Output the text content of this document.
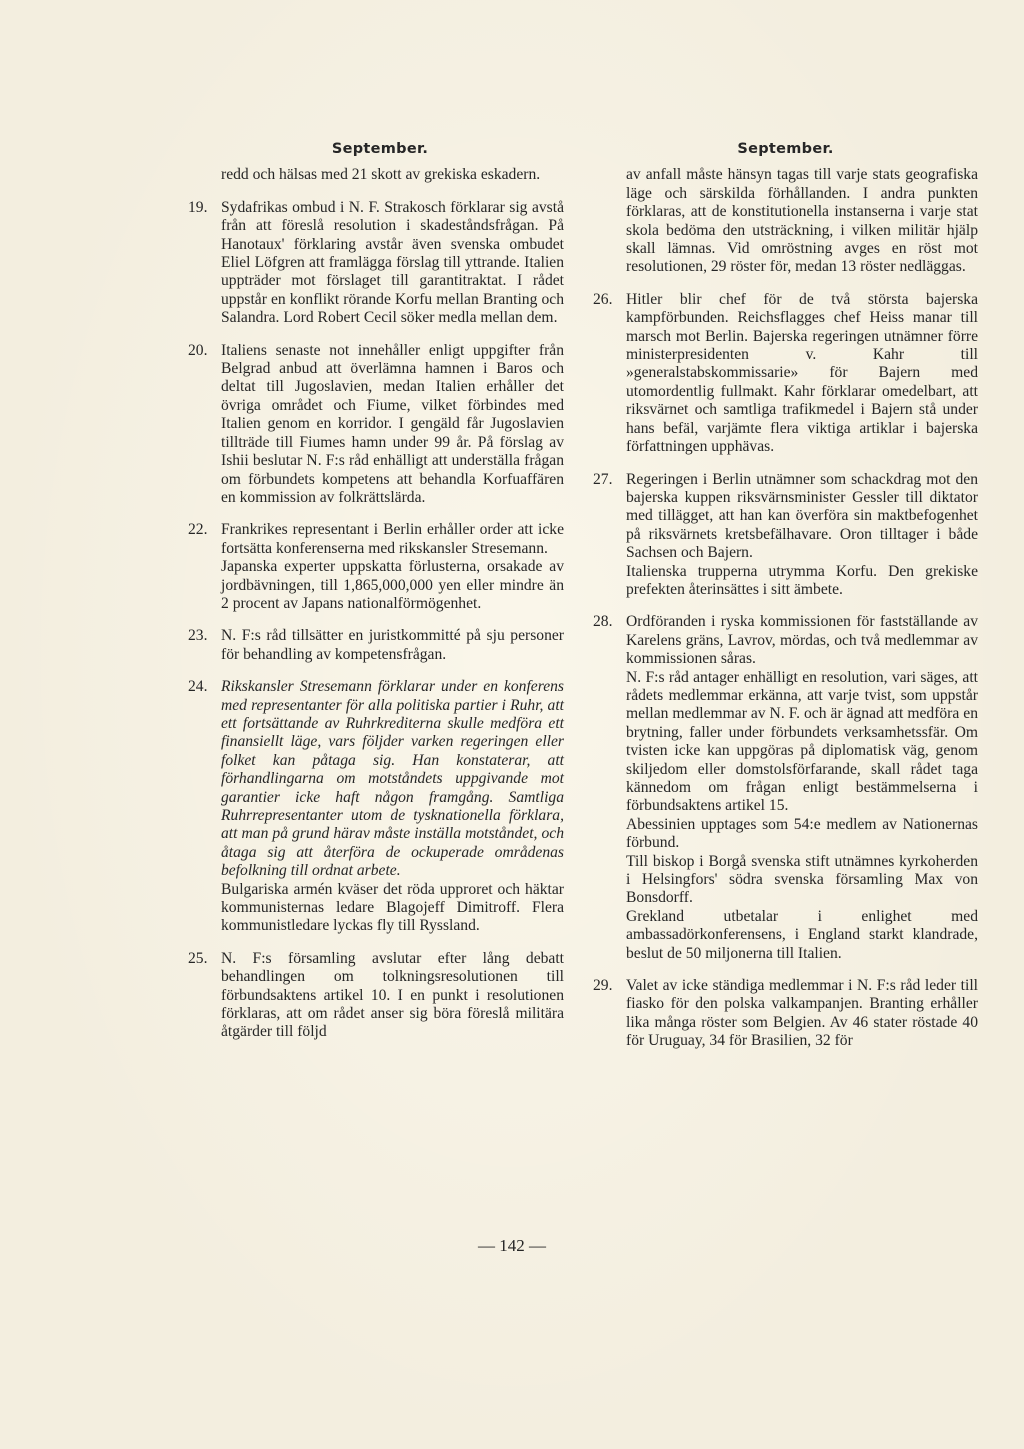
September.

redd och hälsas med 21 skott av grekiska eskadern.

19. Sydafrikas ombud i N. F. Strakosch förklarar sig avstå från att föreslå resolution i skadeståndsfrågan. På Hanotaux' förklaring avstår även svenska ombudet Eliel Löfgren att framlägga förslag till yttrande. Italien uppträder mot förslaget till garantitraktat. I rådet uppstår en konflikt rörande Korfu mellan Branting och Salandra. Lord Robert Cecil söker medla mellan dem.

20. Italiens senaste not innehåller enligt uppgifter från Belgrad anbud att överlämna hamnen i Baros och deltat till Jugoslavien, medan Italien erhåller det övriga området och Fiume, vilket förbindes med Italien genom en korridor. I gengäld får Jugoslavien tillträde till Fiumes hamn under 99 år. På förslag av Ishii beslutar N. F:s råd enhälligt att underställa frågan om förbundets kompetens att behandla Korfuaffären en kommission av folkrättslärda.

22. Frankrikes representant i Berlin erhåller order att icke fortsätta konferenserna med rikskansler Stresemann.

Japanska experter uppskatta förlusterna, orsakade av jordbävningen, till 1,865,000,000 yen eller mindre än 2 procent av Japans nationalförmögenhet.

23. N. F:s råd tillsätter en juristkommitté på sju personer för behandling av kompetensfrågan.

24. Rikskansler Stresemann förklarar under en konferens med representanter för alla politiska partier i Ruhr, att ett fortsättande av Ruhrkrediterna skulle medföra ett finansiellt läge, vars följder varken regeringen eller folket kan påtaga sig. Han konstaterar, att förhandlingarna om motståndets uppgivande mot garantier icke haft någon framgång. Samtliga Ruhrrepresentanter utom de tysknationella förklara, att man på grund härav måste inställa motståndet, och åtaga sig att återföra de ockuperade områdenas befolkning till ordnat arbete.

Bulgariska armén kväser det röda upproret och häktar kommunisternas ledare Blagojeff Dimitroff. Flera kommunistledare lyckas fly till Ryssland.

25. N. F:s församling avslutar efter lång debatt behandlingen om tolkningsresolutionen till förbundsaktens artikel 10. I en punkt i resolutionen förklaras, att om rådet anser sig böra föreslå militära åtgärder till följd

September.

av anfall måste hänsyn tagas till varje stats geografiska läge och särskilda förhållanden. I andra punkten förklaras, att de konstitutionella instanserna i varje stat skola bedöma den utsträckning, i vilken militär hjälp skall lämnas. Vid omröstning avges en röst mot resolutionen, 29 röster för, medan 13 röster nedläggas.

26. Hitler blir chef för de två största bajerska kampförbunden. Reichsflagges chef Heiss manar till marsch mot Berlin. Bajerska regeringen utnämner förre ministerpresidenten v. Kahr till »generalstabskommissarie» för Bajern med utomordentlig fullmakt. Kahr förklarar omedelbart, att riksvärnet och samtliga trafikmedel i Bajern stå under hans befäl, varjämte flera viktiga artiklar i bajerska författningen upphävas.

27. Regeringen i Berlin utnämner som schackdrag mot den bajerska kuppen riksvärnsminister Gessler till diktator med tillägget, att han kan överföra sin maktbefogenhet på riksvärnets kretsbefälhavare. Oron tilltager i både Sachsen och Bajern.

Italienska trupperna utrymma Korfu. Den grekiske prefekten återinsättes i sitt ämbete.

28. Ordföranden i ryska kommissionen för fastställande av Karelens gräns, Lavrov, mördas, och två medlemmar av kommissionen såras.

N. F:s råd antager enhälligt en resolution, vari säges, att rådets medlemmar erkänna, att varje tvist, som uppstår mellan medlemmar av N. F. och är ägnad att medföra en brytning, faller under förbundets verksamhetssfär. Om tvisten icke kan uppgöras på diplomatisk väg, genom skiljedom eller domstolsförfarande, skall rådet taga kännedom om frågan enligt bestämmelserna i förbundsaktens artikel 15.

Abessinien upptages som 54:e medlem av Nationernas förbund.

Till biskop i Borgå svenska stift utnämnes kyrkoherden i Helsingfors' södra svenska församling Max von Bonsdorff.

Grekland utbetalar i enlighet med ambassadörkonferensens, i England starkt klandrade, beslut de 50 miljonerna till Italien.

29. Valet av icke ständiga medlemmar i N. F:s råd leder till fiasko för den polska valkampanjen. Branting erhåller lika många röster som Belgien. Av 46 stater röstade 40 för Uruguay, 34 för Brasilien, 32 för

— 142 —
